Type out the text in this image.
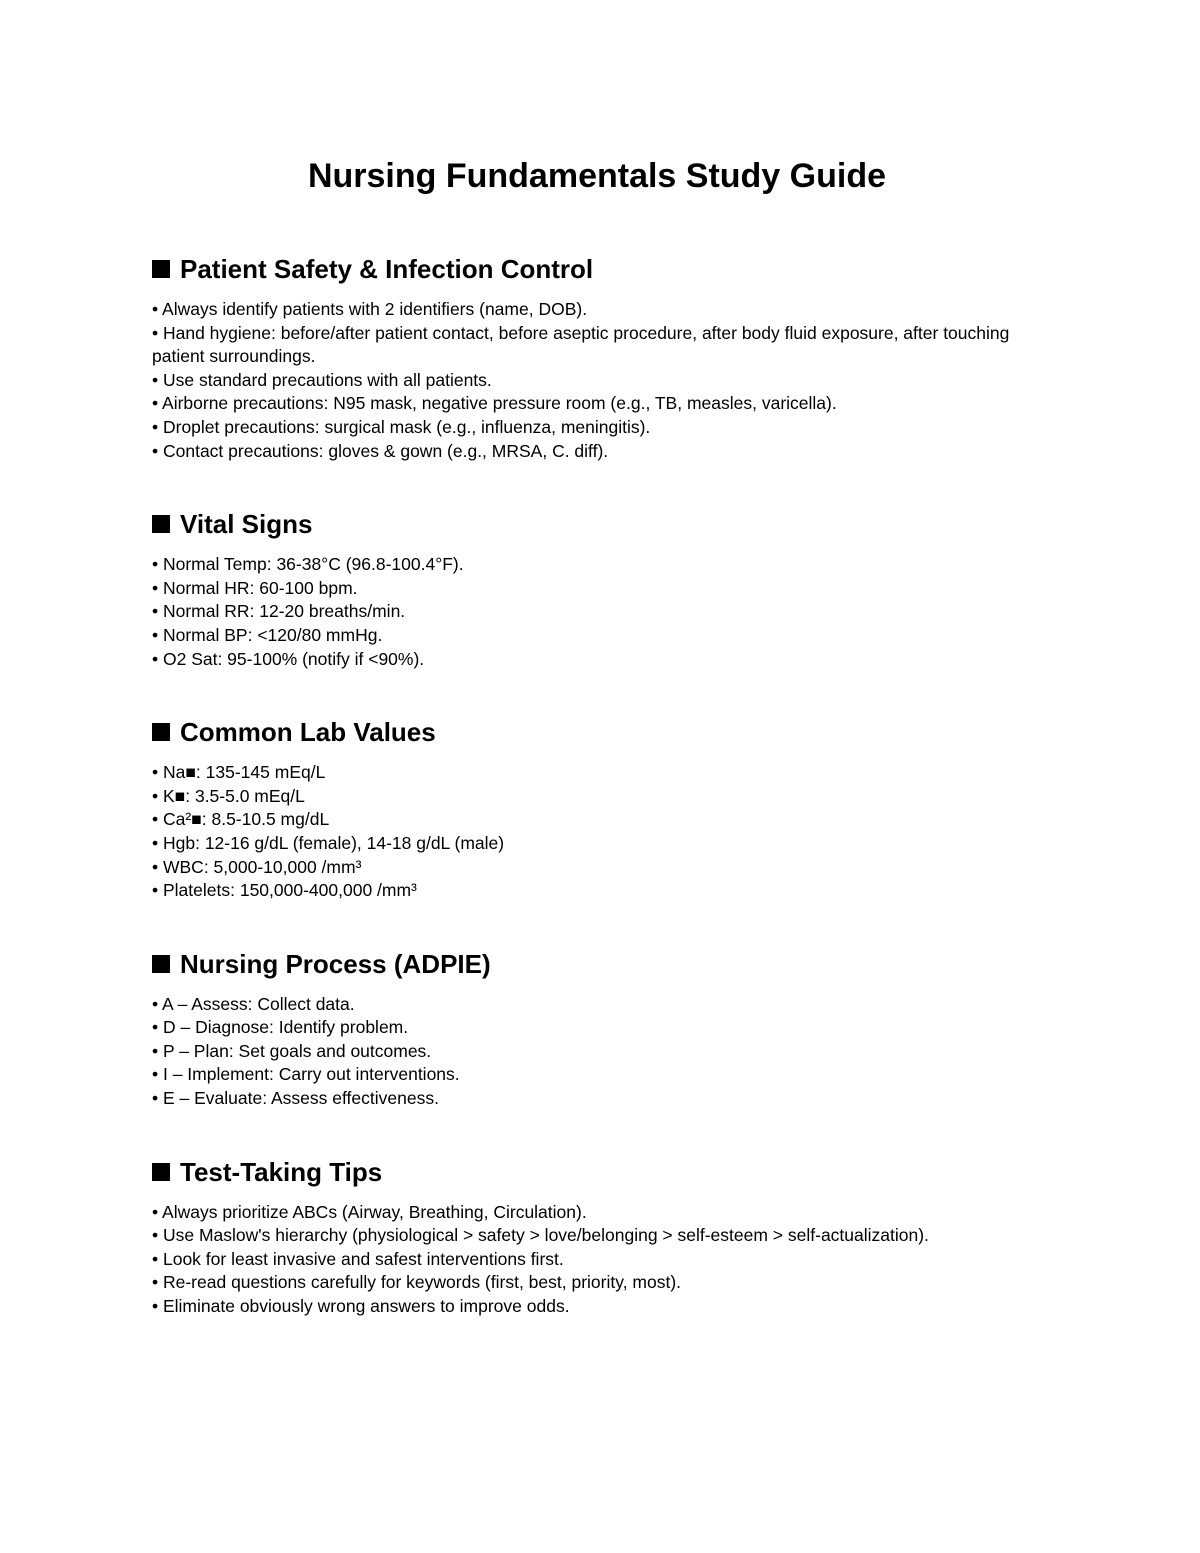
Nursing Fundamentals Study Guide
Patient Safety & Infection Control
• Always identify patients with 2 identifiers (name, DOB).
• Hand hygiene: before/after patient contact, before aseptic procedure, after body fluid exposure, after touching patient surroundings.
• Use standard precautions with all patients.
• Airborne precautions: N95 mask, negative pressure room (e.g., TB, measles, varicella).
• Droplet precautions: surgical mask (e.g., influenza, meningitis).
• Contact precautions: gloves & gown (e.g., MRSA, C. diff).
Vital Signs
• Normal Temp: 36-38°C (96.8-100.4°F).
• Normal HR: 60-100 bpm.
• Normal RR: 12-20 breaths/min.
• Normal BP: <120/80 mmHg.
• O2 Sat: 95-100% (notify if <90%).
Common Lab Values
• Na■: 135-145 mEq/L
• K■: 3.5-5.0 mEq/L
• Ca²■: 8.5-10.5 mg/dL
• Hgb: 12-16 g/dL (female), 14-18 g/dL (male)
• WBC: 5,000-10,000 /mm³
• Platelets: 150,000-400,000 /mm³
Nursing Process (ADPIE)
• A – Assess: Collect data.
• D – Diagnose: Identify problem.
• P – Plan: Set goals and outcomes.
• I – Implement: Carry out interventions.
• E – Evaluate: Assess effectiveness.
Test-Taking Tips
• Always prioritize ABCs (Airway, Breathing, Circulation).
• Use Maslow's hierarchy (physiological > safety > love/belonging > self-esteem > self-actualization).
• Look for least invasive and safest interventions first.
• Re-read questions carefully for keywords (first, best, priority, most).
• Eliminate obviously wrong answers to improve odds.
